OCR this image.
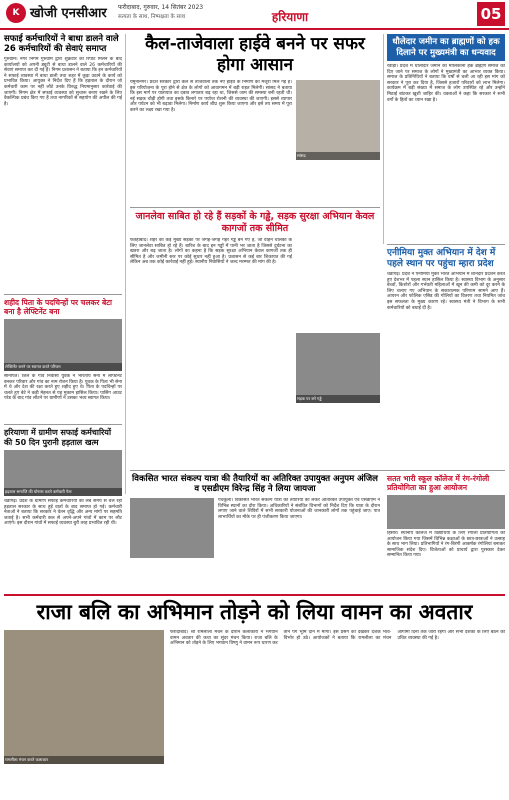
K खोजी एनसीआर फरीदाबाद, गुरुवार, 14 सितंबर 2023
सत्यता के साथ, निष्पक्षता के साथ	हरियाणा	05
सफाई कर्मचारियों ने बाधा डालने वाले 26 कर्मचारियों की सेवाएं समाप्त
गुरुग्राम। नगर निगम गुरुग्राम द्वारा शुक्रवार को रिपोर्ट मिलने के बाद कार्यालयों को अपनी ड्यूटी से बाधा डालने वाले 26 कर्मचारियों की सेवाएं समाप्त कर दी गई हैं। निगम प्रशासन ने बताया कि इन कर्मचारियों ने सफाई व्यवस्था में बाधा डाली तथा शहर में कूड़ा उठाने के कार्य को प्रभावित किया। आयुक्त ने निर्देश दिए हैं कि हड़ताल के दौरान जो कर्मचारी काम पर नहीं लौटे उनके विरुद्ध नियमानुसार कार्रवाई की जाएगी। निगम क्षेत्र में सफाई व्यवस्था को सुचारू बनाए रखने के लिए वैकल्पिक प्रबंध किए गए हैं तथा नागरिकों से सहयोग की अपील की गई है।
शहीद पिता के पदचिन्हों पर चलकर बेटा बना है लेफ्टिनेंट बना
लेफ्टिनेंट बनने पर स्वागत करते परिजन
सोनीपत। जिले के गांव निवासी युवक ने भारतीय सेना में लेफ्टिनेंट बनकर परिवार और गांव का नाम रोशन किया है। युवक के पिता भी सेना में थे और देश की रक्षा करते हुए शहीद हुए थे। पिता के पदचिन्हों पर चलते हुए बेटे ने कड़ी मेहनत से यह मुकाम हासिल किया। पासिंग आउट परेड के बाद गांव लौटने पर ग्रामीणों ने उसका भव्य स्वागत किया।
हरियाणा में ग्रामीण सफाई कर्मचारियों की 50 दिन पुरानी हड़ताल खत्म
हड़ताल समाप्ति की घोषणा करते कर्मचारी नेता
चंडीगढ़। प्रदेश के ग्रामीण सफाई कर्मचारियों की लंबे समय से चल रही हड़ताल सरकार के साथ हुई वार्ता के बाद समाप्त हो गई। कर्मचारी नेताओं ने बताया कि सरकार ने वेतन वृद्धि और अन्य मांगों पर सहमति जताई है। सभी कर्मचारी कल से अपने-अपने गांवों में काम पर लौट आएंगे। इस दौरान गांवों में सफाई व्यवस्था बुरी तरह प्रभावित रही थी।
कैल-ताजेवाला हाईवे बनने पर सफर होगा आसान
यमुनानगर। प्रदेश सरकार द्वारा कैल से ताजेवाला तक नए हाईवे के निर्माण को मंजूरी मिल गई है। इस परियोजना के पूरा होने से क्षेत्र के लोगों को आवागमन में बड़ी राहत मिलेगी। सांसद ने बताया कि इस मार्ग पर यातायात का दबाव लगातार बढ़ रहा था, जिससे जाम की समस्या बनी रहती थी। नई सड़क चौड़ी होगी तथा इसके किनारे पर पर्याप्त रोशनी की व्यवस्था की जाएगी। इससे व्यापार और पर्यटन को भी बढ़ावा मिलेगा। निर्माण कार्य शीघ्र शुरू किया जाएगा और इसे तय समय में पूरा करने का लक्ष्य रखा गया है।
सांसद
जानलेवा साबित हो रहे हैं सड़कों के गड्ढे, सड़क सुरक्षा अभियान केवल कागजों तक सीमित
फतेहाबाद। शहर की कई मुख्य सड़कों पर जगह-जगह गहरे गड्ढे बन गए हैं, जो वाहन चालकों के लिए जानलेवा साबित हो रहे हैं। बारिश के बाद इन गड्ढों में पानी भर जाता है जिससे दुर्घटना का खतरा और बढ़ जाता है। लोगों का कहना है कि सड़क सुरक्षा अभियान केवल कागजों तक ही सीमित है और जमीनी स्तर पर कोई सुधार नहीं हुआ है। प्रशासन से कई बार शिकायत की गई लेकिन अब तक कोई कार्रवाई नहीं हुई। स्थानीय निवासियों ने जल्द मरम्मत की मांग की है।
सड़क पर बने गड्ढे
धौलेदार जमीन का ब्राह्मणों को हक दिलाने पर मुख्यमंत्री का धन्यवाद
रेवाड़ी। प्रदेश में धौलीदार जमीन का मालिकाना हक ब्राह्मण समाज को दिए जाने पर समाज के लोगों ने मुख्यमंत्री का आभार व्यक्त किया। समाज के प्रतिनिधियों ने बताया कि वर्षों से चली आ रही इस मांग को सरकार ने पूरा कर दिया है, जिससे हजारों परिवारों को लाभ मिलेगा। कार्यक्रम में बड़ी संख्या में समाज के लोग उपस्थित रहे और उन्होंने मिठाई बांटकर खुशी जाहिर की। वक्ताओं ने कहा कि सरकार ने सभी वर्गों के हितों का ध्यान रखा है।
एनीमिया मुक्त अभियान में देश में पहले स्थान पर पहुंचा म्हारा प्रदेश
चंडीगढ़। प्रदेश ने एनीमिया मुक्त भारत अभियान में शानदार प्रदर्शन करते हुए देशभर में पहला स्थान हासिल किया है। स्वास्थ्य विभाग के अनुसार बच्चों, किशोरों और गर्भवती महिलाओं में खून की कमी को दूर करने के लिए चलाए गए अभियान के सकारात्मक परिणाम सामने आए हैं। आयरन और फोलिक एसिड की गोलियों का वितरण तथा नियमित जांच इस सफलता के मुख्य कारण रहे। स्वास्थ्य मंत्री ने विभाग के सभी कर्मचारियों को बधाई दी है।
विकसित भारत संकल्प यात्रा की तैयारियों का अतिरिक्त उपायुक्त अनुपम अंजिल व एसडीएम विरेन्द्र सिंह ने लिया जायजा
पंचकूला। विकसित भारत संकल्प यात्रा की तैयारियों को लेकर अतिरिक्त उपायुक्त एवं एसडीएम ने विभिन्न स्थानों का दौरा किया। अधिकारियों ने संबंधित विभागों को निर्देश दिए कि यात्रा के दौरान लगाए जाने वाले शिविरों में सभी सरकारी योजनाओं की जानकारी लोगों तक पहुंचाई जाए। पात्र लाभार्थियों का मौके पर ही पंजीकरण किया जाएगा।
सतत भारी स्कूल कॉलेज में रंग-रंगोली प्रतियोगिता का हुआ आयोजन
हिसार। स्थानीय कॉलेज में विद्यार्थियों के लिए रंगोली प्रतियोगिता का आयोजन किया गया जिसमें विभिन्न कक्षाओं के छात्र-छात्राओं ने उत्साह के साथ भाग लिया। प्रतिभागियों ने रंग-बिरंगी आकर्षक रंगोलियां बनाकर सामाजिक संदेश दिए। विजेताओं को प्राचार्य द्वारा पुरस्कार देकर सम्मानित किया गया।
राजा बलि का अभिमान तोड़ने को लिया वामन का अवतार
रामलीला मंचन करते कलाकार
फरीदाबाद। श्री रामलीला मंचन के दौरान कलाकारों ने भगवान वामन अवतार की कथा का सुंदर मंचन किया। राजा बलि के अभिमान को तोड़ने के लिए भगवान विष्णु ने वामन रूप धारण कर तीन पग भूमि दान में मांगी। इस प्रसंग को देखकर दर्शक भाव-विभोर हो उठे। आयोजकों ने बताया कि रामलीला का मंचन आगामी दिनों तक जारी रहेगा और सभी दर्शकों के लिए बैठने की उचित व्यवस्था की गई है।
